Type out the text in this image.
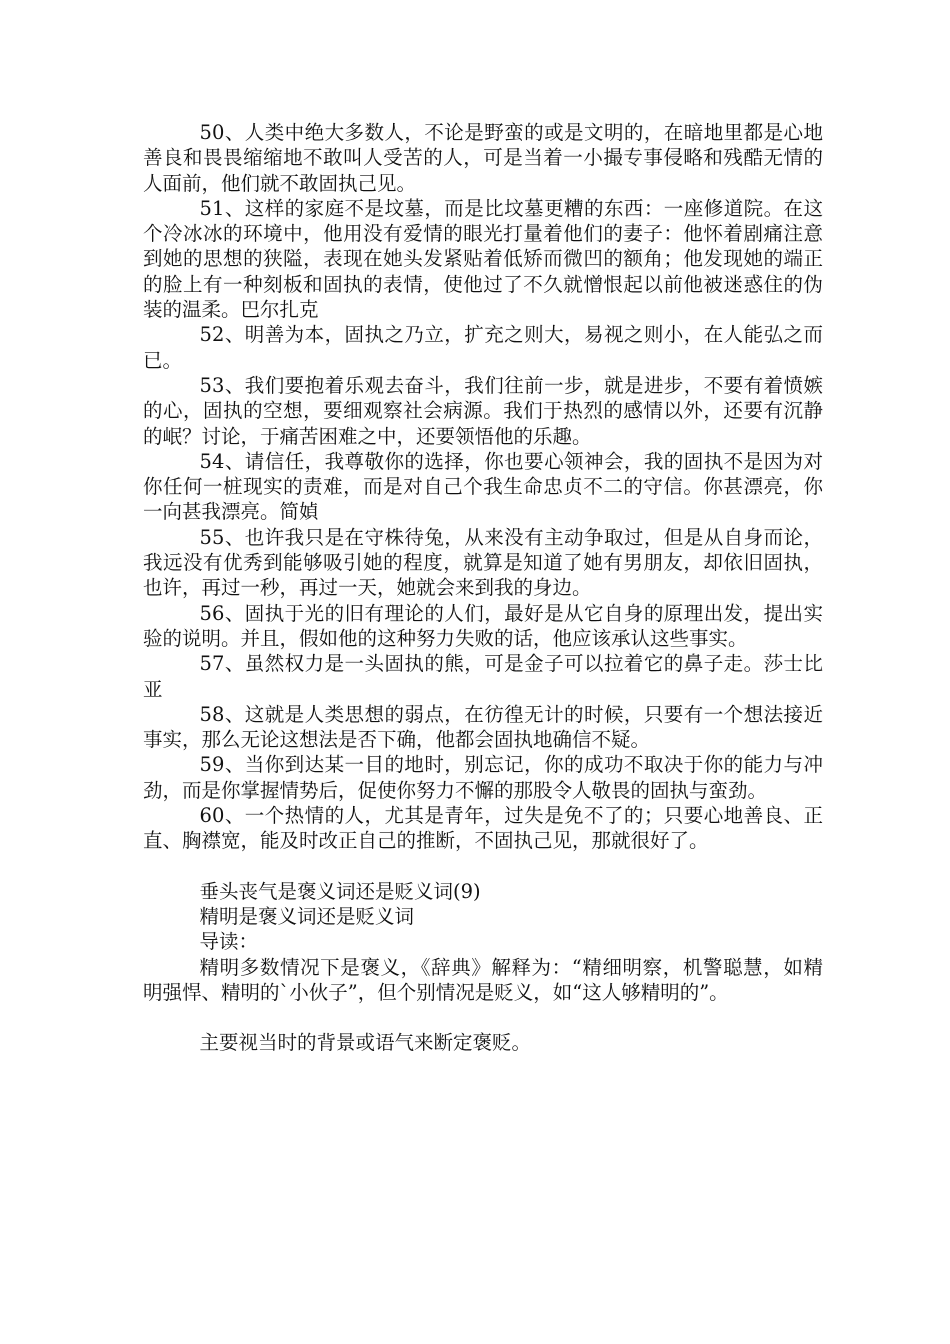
50、人类中绝大多数人，不论是野蛮的或是文明的，在暗地里都是心地善良和畏畏缩缩地不敢叫人受苦的人，可是当着一小撮专事侵略和残酷无情的人面前，他们就不敢固执己见。

51、这样的家庭不是坟墓，而是比坟墓更糟的东西：一座修道院。在这个冷冰冰的环境中，他用没有爱情的眼光打量着他们的妻子：他怀着剧痛注意到她的思想的狭隘，表现在她头发紧贴着低矫而微凹的额角；他发现她的端正的脸上有一种刻板和固执的表情，使他过了不久就憎恨起以前他被迷惑住的伪装的温柔。巴尔扎克

52、明善为本，固执之乃立，扩充之则大，易视之则小，在人能弘之而已。

53、我们要抱着乐观去奋斗，我们往前一步，就是进步，不要有着愤嫉的心，固执的空想，要细观察社会病源。我们于热烈的感情以外，还要有沉静的岷？讨论，于痛苦困难之中，还要领悟他的乐趣。

54、请信任，我尊敬你的选择，你也要心领神会，我的固执不是因为对你任何一桩现实的责难，而是对自己个我生命忠贞不二的守信。你甚漂亮，你一向甚我漂亮。简媜

55、也许我只是在守株待兔，从来没有主动争取过，但是从自身而论，我远没有优秀到能够吸引她的程度，就算是知道了她有男朋友，却依旧固执，也许，再过一秒，再过一天，她就会来到我的身边。

56、固执于光的旧有理论的人们，最好是从它自身的原理出发，提出实验的说明。并且，假如他的这种努力失败的话，他应该承认这些事实。

57、虽然权力是一头固执的熊，可是金子可以拉着它的鼻子走。莎士比亚

58、这就是人类思想的弱点，在彷徨无计的时候，只要有一个想法接近事实，那么无论这想法是否下确，他都会固执地确信不疑。

59、当你到达某一目的地时，别忘记，你的成功不取决于你的能力与冲劲，而是你掌握情势后，促使你努力不懈的那股令人敬畏的固执与蛮劲。

60、一个热情的人，尤其是青年，过失是免不了的；只要心地善良、正直、胸襟宽，能及时改正自己的推断，不固执己见，那就很好了。

垂头丧气是褒义词还是贬义词(9)

精明是褒义词还是贬义词

导读：

精明多数情况下是褒义，《辞典》解释为：“精细明察，机警聪慧，如精明强悍、精明的`小伙子”，但个别情况是贬义，如“这人够精明的”。

主要视当时的背景或语气来断定褒贬。
